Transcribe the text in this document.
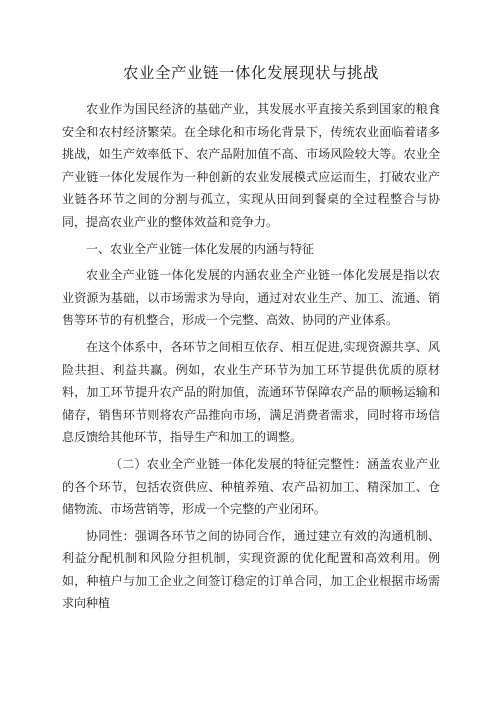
农业全产业链一体化发展现状与挑战

农业作为国民经济的基础产业，其发展水平直接关系到国家的粮食安全和农村经济繁荣。在全球化和市场化背景下，传统农业面临着诸多挑战，如生产效率低下、农产品附加值不高、市场风险较大等。农业全产业链一体化发展作为一种创新的农业发展模式应运而生，打破农业产业链各环节之间的分割与孤立，实现从田间到餐桌的全过程整合与协同，提高农业产业的整体效益和竞争力。

一、农业全产业链一体化发展的内涵与特征

农业全产业链一体化发展的内涵农业全产业链一体化发展是指以农业资源为基础，以市场需求为导向，通过对农业生产、加工、流通、销售等环节的有机整合，形成一个完整、高效、协同的产业体系。

在这个体系中，各环节之间相互依存、相互促进,实现资源共享、风险共担、利益共赢。例如，农业生产环节为加工环节提供优质的原材料，加工环节提升农产品的附加值，流通环节保障农产品的顺畅运输和储存，销售环节则将农产品推向市场，满足消费者需求，同时将市场信息反馈给其他环节，指导生产和加工的调整。

（二）农业全产业链一体化发展的特征完整性：涵盖农业产业的各个环节，包括农资供应、种植养殖、农产品初加工、精深加工、仓储物流、市场营销等，形成一个完整的产业闭环。

协同性：强调各环节之间的协同合作，通过建立有效的沟通机制、利益分配机制和风险分担机制，实现资源的优化配置和高效利用。例如，种植户与加工企业之间签订稳定的订单合同，加工企业根据市场需求向种植
